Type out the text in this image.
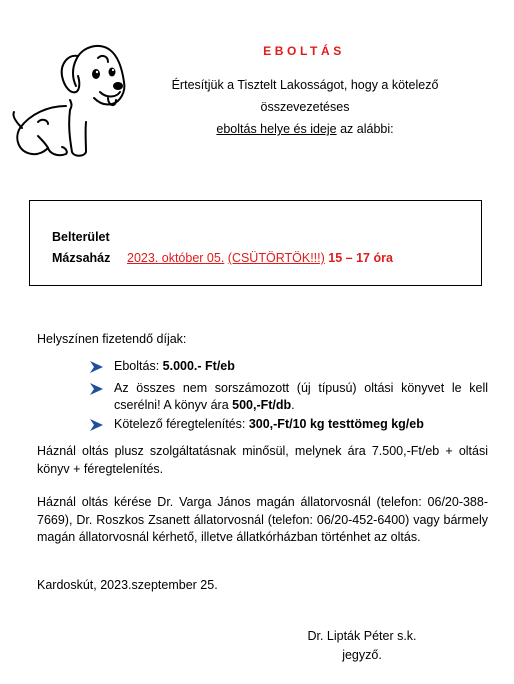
EBOLTÁS
Értesítjük a Tisztelt Lakosságot, hogy a kötelező
összevezetéses
eboltás helye és ideje az alábbi:
Belterület
Mázsaház 2023. október 05. (CSÜTÖRTÖK!!!) 15 – 17 óra
Helyszínen fizetendő díjak:
Eboltás: 5.000.- Ft/eb
Az összes nem sorszámozott (új típusú) oltási könyvet le kell cserélni! A könyv ára 500,-Ft/db.
Kötelező féregtelenítés: 300,-Ft/10 kg testtömeg kg/eb
Háznál oltás plusz szolgáltatásnak minősül, melynek ára 7.500,-Ft/eb + oltási könyv + féregtelenítés.
Háznál oltás kérése Dr. Varga János magán állatorvosnál (telefon: 06/20-388-7669), Dr. Roszkos Zsanett állatorvosnál (telefon: 06/20-452-6400) vagy bármely magán állatorvosnál kérhető, illetve állatkórházban történhet az oltás.
Kardoskút, 2023.szeptember 25.
Dr. Lipták Péter s.k.
jegyző.
